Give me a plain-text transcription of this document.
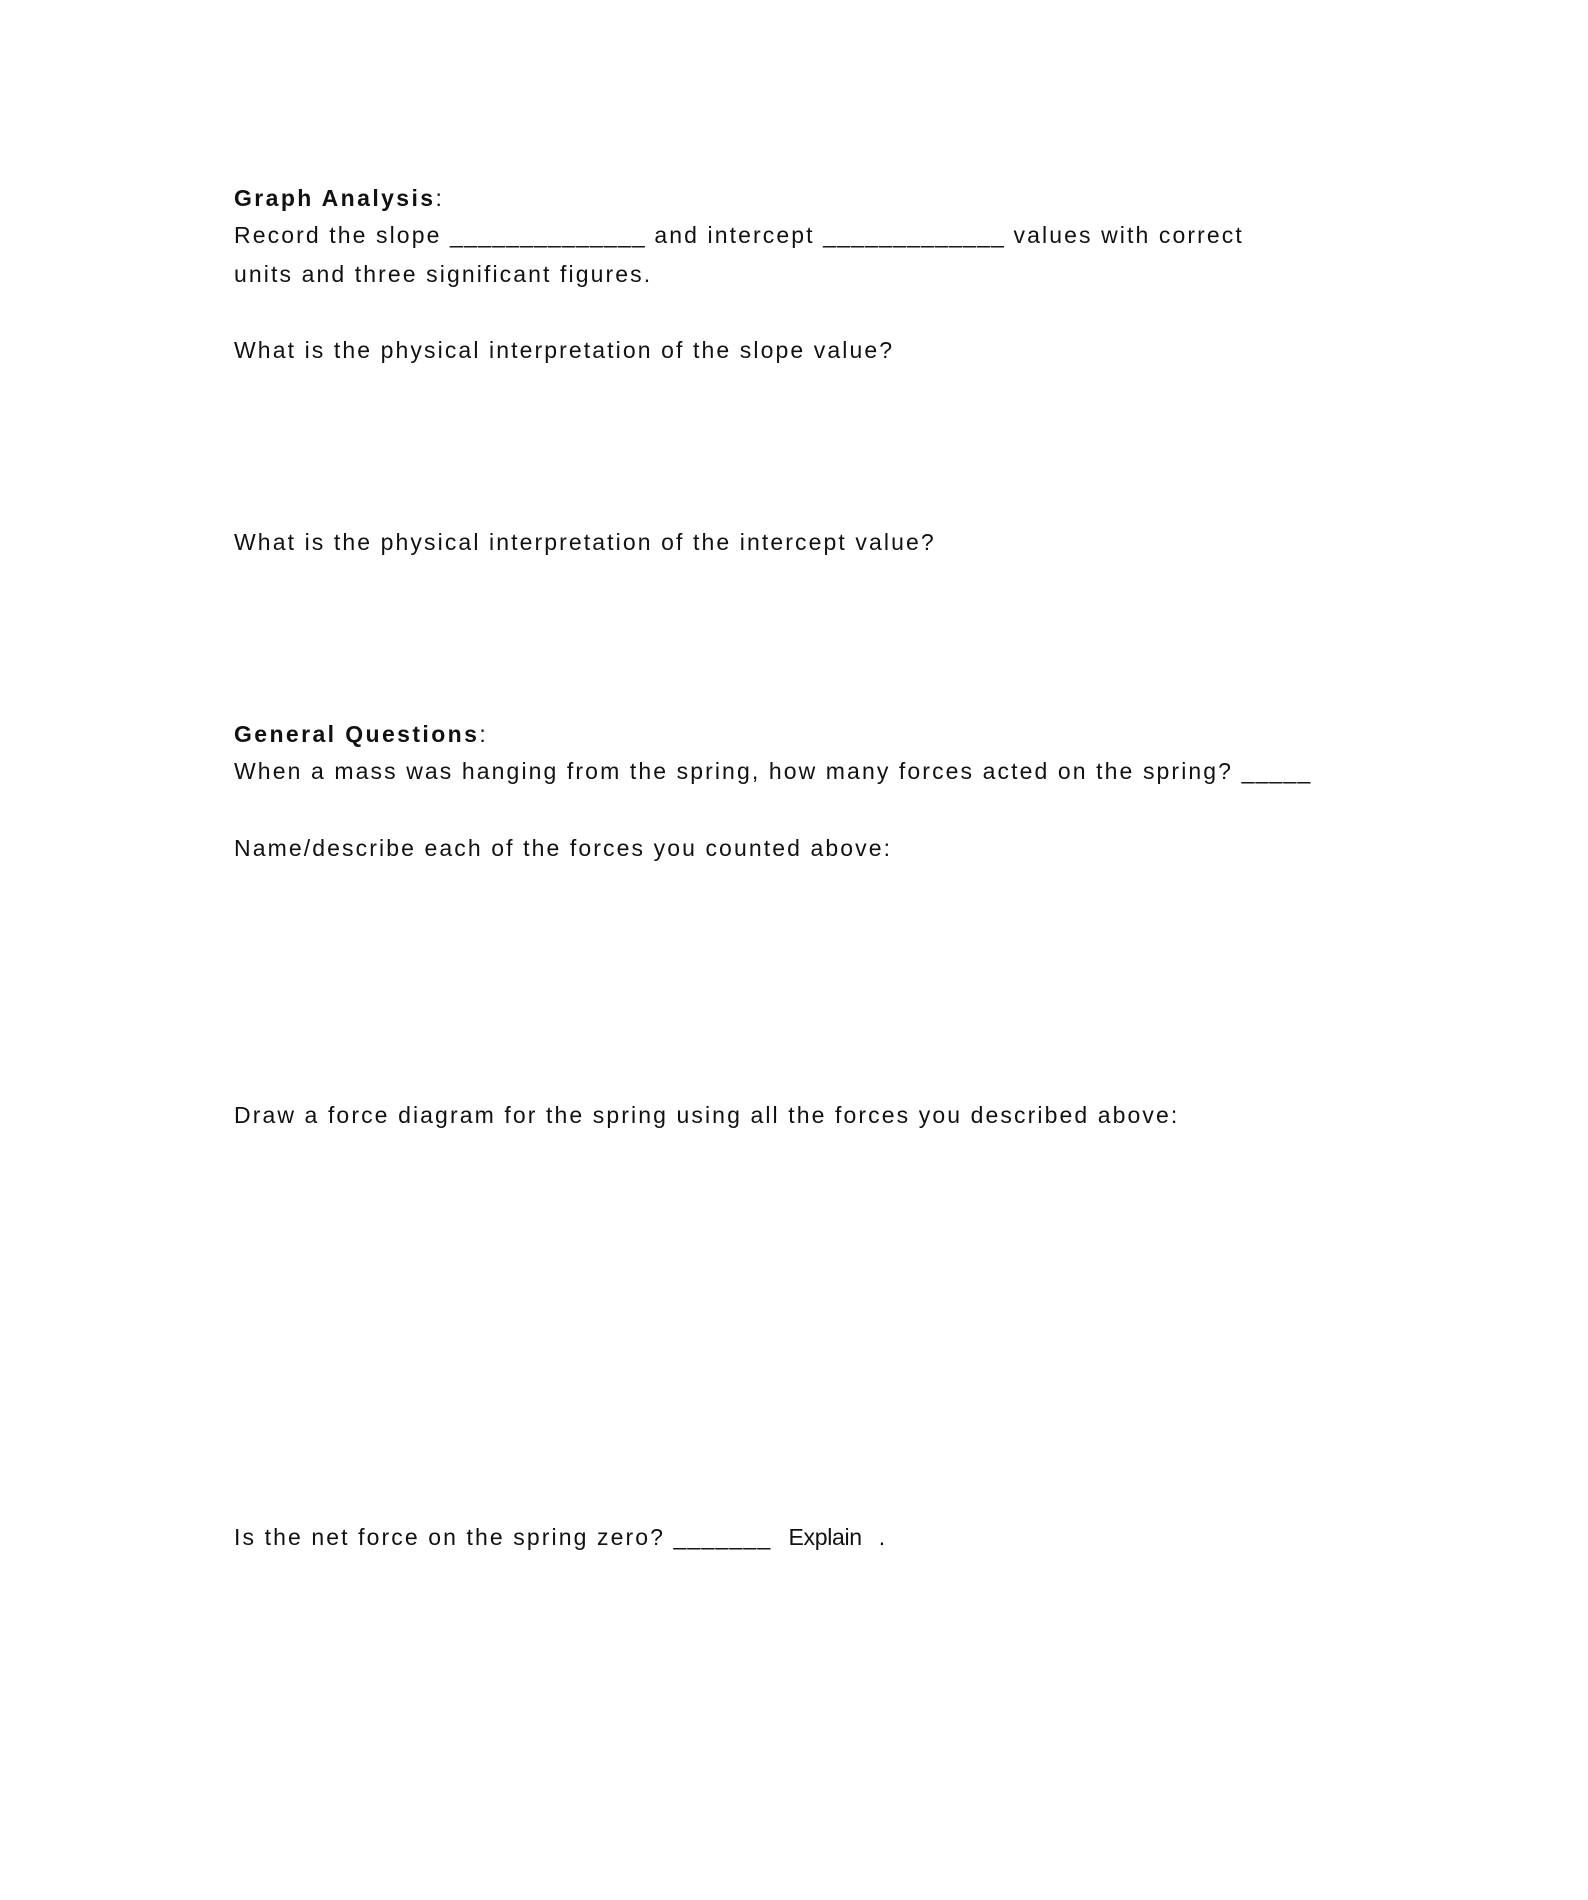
Graph Analysis:
Record the slope ______________ and intercept _____________ values with correct
units and three significant figures.
What is the physical interpretation of the slope value?
What is the physical interpretation of the intercept value?
General Questions:
When a mass was hanging from the spring, how many forces acted on the spring? _____
Name/describe each of the forces you counted above:
Draw a force diagram for the spring using all the forces you described above:
Is the net force on the spring zero? _______ Explain .
